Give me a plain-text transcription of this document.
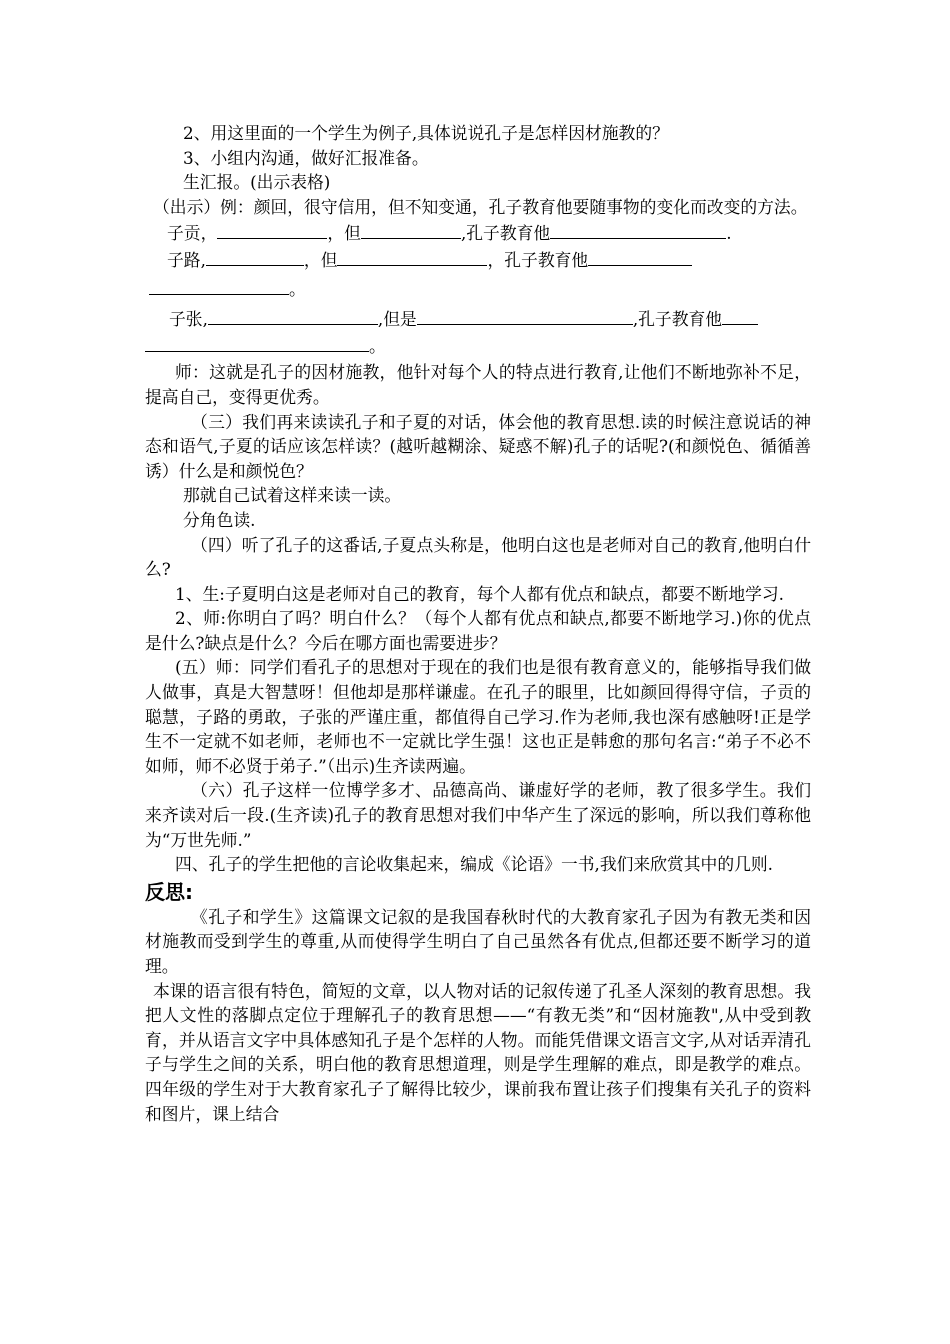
2、用这里面的一个学生为例子,具体说说孔子是怎样因材施教的？

3、小组内沟通，做好汇报准备。

生汇报。(出示表格)

（出示）例：颜回，很守信用，但不知变通，孔子教育他要随事物的变化而改变的方法。

子贡，	，但	,孔子教育他	.

子路,	，但	，孔子教育他

。

子张,	,但是	,孔子教育他

。

师：这就是孔子的因材施教，他针对每个人的特点进行教育,让他们不断地弥补不足，提高自己，变得更优秀。

（三）我们再来读读孔子和子夏的对话，体会他的教育思想.读的时候注意说话的神态和语气,子夏的话应该怎样读？(越听越糊涂、疑惑不解)孔子的话呢?(和颜悦色、循循善诱）什么是和颜悦色？

那就自己试着这样来读一读。

分角色读.

（四）听了孔子的这番话,子夏点头称是，他明白这也是老师对自己的教育,他明白什么?

1、生:子夏明白这是老师对自己的教育，每个人都有优点和缺点，都要不断地学习.

2、师:你明白了吗？明白什么？（每个人都有优点和缺点,都要不断地学习.)你的优点是什么?缺点是什么？今后在哪方面也需要进步？

(五）师：同学们看孔子的思想对于现在的我们也是很有教育意义的，能够指导我们做人做事，真是大智慧呀！但他却是那样谦虚。在孔子的眼里，比如颜回得得守信，子贡的聪慧，子路的勇敢，子张的严谨庄重，都值得自己学习.作为老师,我也深有感触呀!正是学生不一定就不如老师，老师也不一定就比学生强！这也正是韩愈的那句名言:“弟子不必不如师，师不必贤于弟子.”（出示)生齐读两遍。

（六）孔子这样一位博学多才、品德高尚、谦虚好学的老师，教了很多学生。我们来齐读对后一段.(生齐读)孔子的教育思想对我们中华产生了深远的影响，所以我们尊称他为“万世先师.”

四、孔子的学生把他的言论收集起来，编成《论语》一书,我们来欣赏其中的几则.

反思:

《孔子和学生》这篇课文记叙的是我国春秋时代的大教育家孔子因为有教无类和因材施教而受到学生的尊重,从而使得学生明白了自己虽然各有优点,但都还要不断学习的道理。

本课的语言很有特色，简短的文章，以人物对话的记叙传递了孔圣人深刻的教育思想。我把人文性的落脚点定位于理解孔子的教育思想——“有教无类”和“因材施教",从中受到教育，并从语言文字中具体感知孔子是个怎样的人物。而能凭借课文语言文字,从对话弄清孔子与学生之间的关系，明白他的教育思想道理，则是学生理解的难点，即是教学的难点。四年级的学生对于大教育家孔子了解得比较少，课前我布置让孩子们搜集有关孔子的资料和图片，课上结合
